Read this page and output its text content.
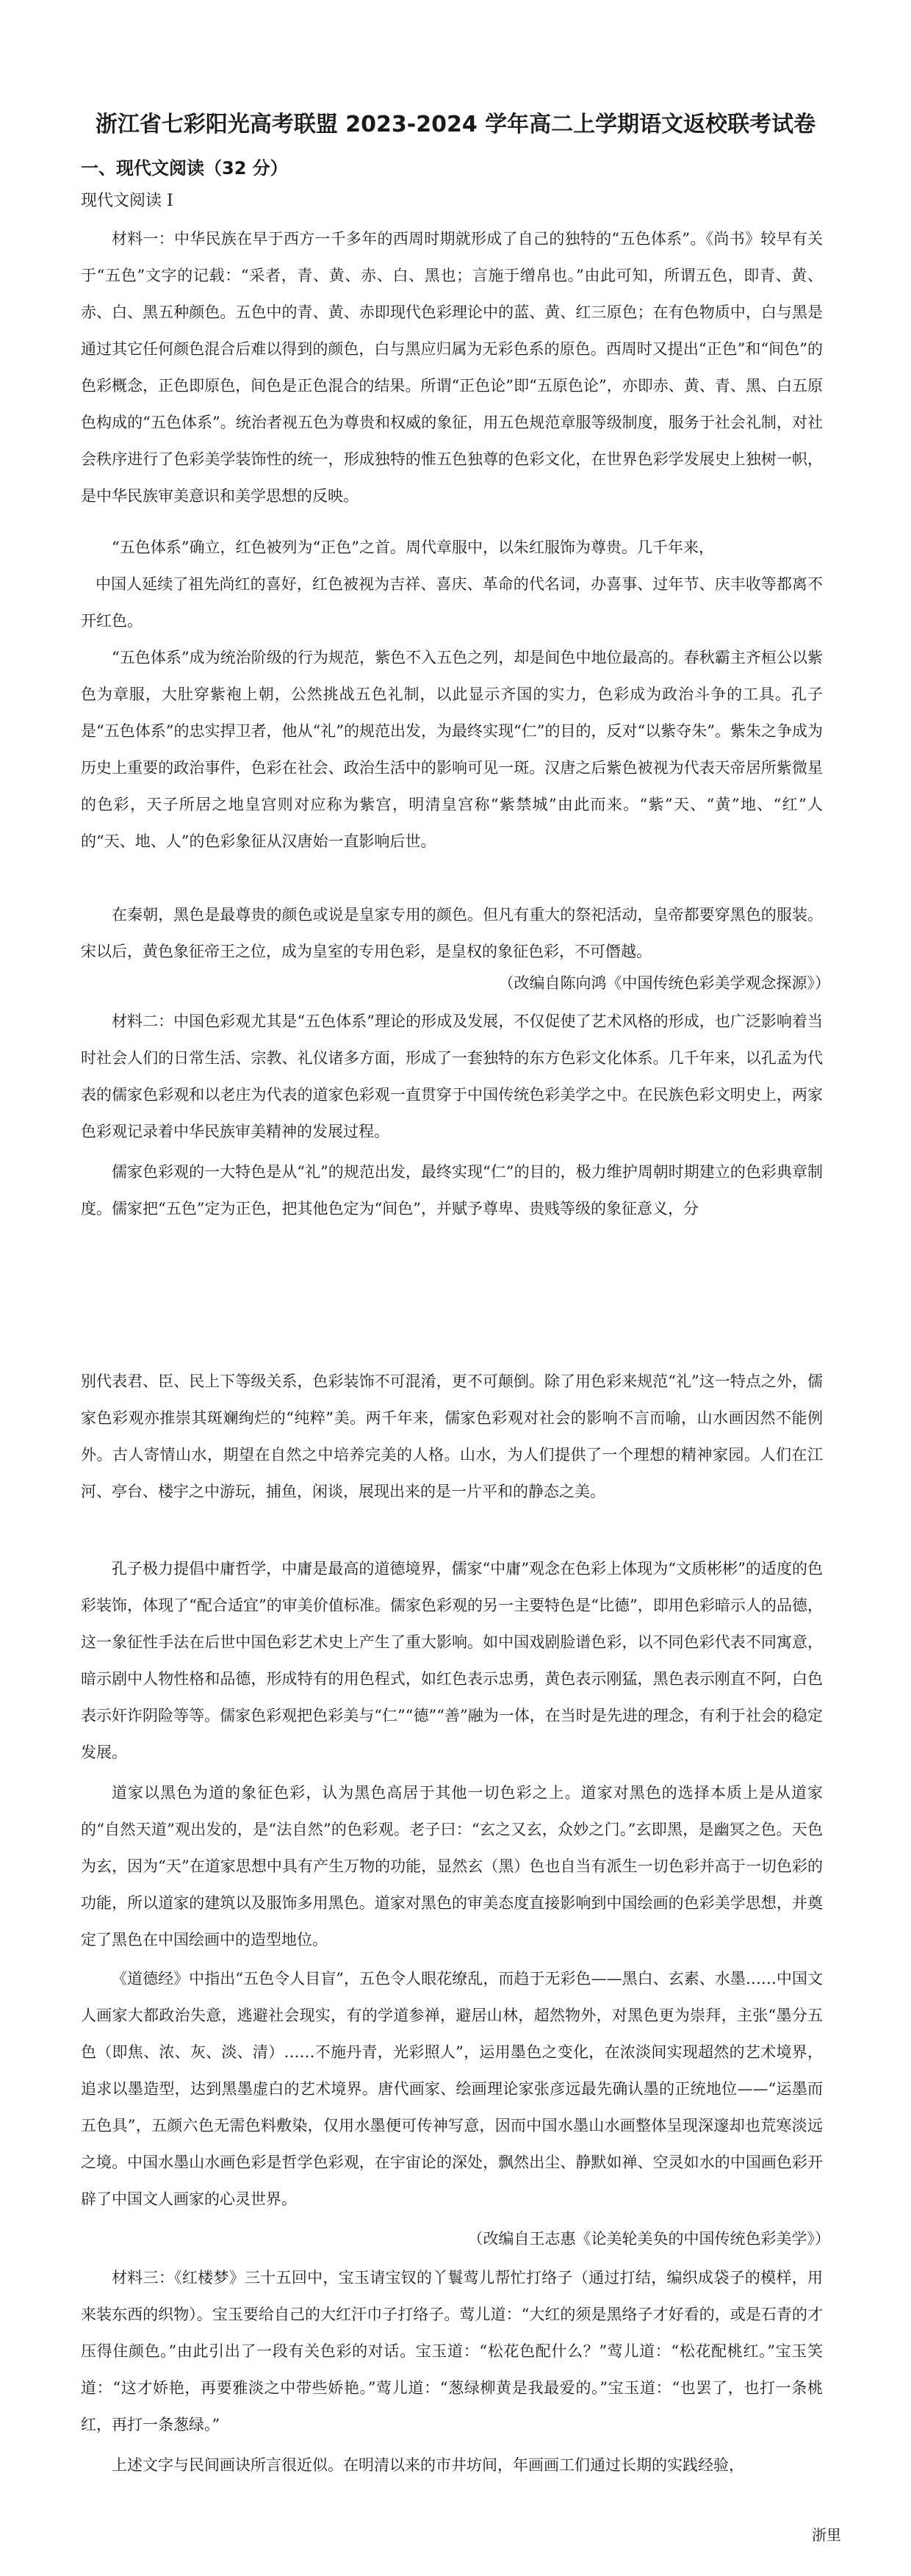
浙江省七彩阳光高考联盟 2023-2024 学年高二上学期语文返校联考试卷
一、现代文阅读（32 分）
现代文阅读 I
材料一：中华民族在早于西方一千多年的西周时期就形成了自己的独特的“五色体系”。《尚书》较早有关于“五色”文字的记载：“采者，青、黄、赤、白、黑也；言施于缯帛也。”由此可知，所谓五色，即青、黄、赤、白、黑五种颜色。五色中的青、黄、赤即现代色彩理论中的蓝、黄、红三原色；在有色物质中，白与黑是通过其它任何颜色混合后难以得到的颜色，白与黑应归属为无彩色系的原色。西周时又提出“正色”和“间色”的色彩概念，正色即原色，间色是正色混合的结果。所谓“正色论”即“五原色论”，亦即赤、黄、青、黑、白五原色构成的“五色体系”。统治者视五色为尊贵和权威的象征，用五色规范章服等级制度，服务于社会礼制，对社会秩序进行了色彩美学装饰性的统一，形成独特的惟五色独尊的色彩文化，在世界色彩学发展史上独树一帜，是中华民族审美意识和美学思想的反映。
“五色体系”确立，红色被列为“正色”之首。周代章服中，以朱红服饰为尊贵。几千年来，
中国人延续了祖先尚红的喜好，红色被视为吉祥、喜庆、革命的代名词，办喜事、过年节、庆丰收等都离不开红色。
“五色体系”成为统治阶级的行为规范，紫色不入五色之列，却是间色中地位最高的。春秋霸主齐桓公以紫色为章服，大肚穿紫袍上朝，公然挑战五色礼制，以此显示齐国的实力，色彩成为政治斗争的工具。孔子是“五色体系”的忠实捍卫者，他从“礼”的规范出发，为最终实现“仁”的目的，反对“以紫夺朱”。紫朱之争成为历史上重要的政治事件，色彩在社会、政治生活中的影响可见一斑。汉唐之后紫色被视为代表天帝居所紫微星的色彩，天子所居之地皇宫则对应称为紫宫，明清皇宫称“紫禁城”由此而来。“紫”天、“黄”地、“红”人的“天、地、人”的色彩象征从汉唐始一直影响后世。
在秦朝，黑色是最尊贵的颜色或说是皇家专用的颜色。但凡有重大的祭祀活动，皇帝都要穿黑色的服装。宋以后，黄色象征帝王之位，成为皇室的专用色彩，是皇权的象征色彩，不可僭越。
（改编自陈向鸿《中国传统色彩美学观念探源》）
材料二：中国色彩观尤其是“五色体系”理论的形成及发展，不仅促使了艺术风格的形成，也广泛影响着当时社会人们的日常生活、宗教、礼仪诸多方面，形成了一套独特的东方色彩文化体系。几千年来，以孔孟为代表的儒家色彩观和以老庄为代表的道家色彩观一直贯穿于中国传统色彩美学之中。在民族色彩文明史上，两家色彩观记录着中华民族审美精神的发展过程。
儒家色彩观的一大特色是从“礼”的规范出发，最终实现“仁”的目的，极力维护周朝时期建立的色彩典章制度。儒家把“五色”定为正色，把其他色定为“间色”，并赋予尊卑、贵贱等级的象征意义，分
别代表君、臣、民上下等级关系，色彩装饰不可混淆，更不可颠倒。除了用色彩来规范“礼”这一特点之外，儒家色彩观亦推崇其斑斓绚烂的“纯粹”美。两千年来，儒家色彩观对社会的影响不言而喻，山水画因然不能例外。古人寄情山水，期望在自然之中培养完美的人格。山水，为人们提供了一个理想的精神家园。人们在江河、亭台、楼宇之中游玩，捕鱼，闲谈，展现出来的是一片平和的静态之美。
孔子极力提倡中庸哲学，中庸是最高的道德境界，儒家“中庸”观念在色彩上体现为“文质彬彬”的适度的色彩装饰，体现了“配合适宜”的审美价值标准。儒家色彩观的另一主要特色是“比德”，即用色彩暗示人的品德，这一象征性手法在后世中国色彩艺术史上产生了重大影响。如中国戏剧脸谱色彩，以不同色彩代表不同寓意，暗示剧中人物性格和品德，形成特有的用色程式，如红色表示忠勇，黄色表示刚猛，黑色表示刚直不阿，白色表示奸诈阴险等等。儒家色彩观把色彩美与“仁”“德”“善”融为一体，在当时是先进的理念，有利于社会的稳定发展。
道家以黑色为道的象征色彩，认为黑色高居于其他一切色彩之上。道家对黑色的选择本质上是从道家的“自然天道”观出发的，是“法自然”的色彩观。老子曰：“玄之又玄，众妙之门。”玄即黑，是幽冥之色。天色为玄，因为“天”在道家思想中具有产生万物的功能，显然玄（黑）色也自当有派生一切色彩并高于一切色彩的功能，所以道家的建筑以及服饰多用黑色。道家对黑色的审美态度直接影响到中国绘画的色彩美学思想，并奠定了黑色在中国绘画中的造型地位。
《道德经》中指出“五色令人目盲”，五色令人眼花缭乱，而趋于无彩色——黑白、玄素、水墨……中国文人画家大都政治失意，逃避社会现实，有的学道参禅，避居山林，超然物外，对黑色更为崇拜，主张“墨分五色（即焦、浓、灰、淡、清）……不施丹青，光彩照人”，运用墨色之变化，在浓淡间实现超然的艺术境界，追求以墨造型，达到黑墨虚白的艺术境界。唐代画家、绘画理论家张彦远最先确认墨的正统地位——“运墨而五色具”，五颜六色无需色料敷染，仅用水墨便可传神写意，因而中国水墨山水画整体呈现深邃却也荒寒淡远之境。中国水墨山水画色彩是哲学色彩观，在宇宙论的深处，飘然出尘、静默如禅、空灵如水的中国画色彩开辟了中国文人画家的心灵世界。
（改编自王志惠《论美轮美奂的中国传统色彩美学》）
材料三：《红楼梦》三十五回中，宝玉请宝钗的丫鬟莺儿帮忙打络子（通过打结，编织成袋子的模样，用来装东西的织物）。宝玉要给自己的大红汗巾子打络子。莺儿道：“大红的须是黑络子才好看的，或是石青的才压得住颜色。”由此引出了一段有关色彩的对话。宝玉道：“松花色配什么？”莺儿道：“松花配桃红。”宝玉笑道：“这才娇艳，再要雅淡之中带些娇艳。”莺儿道：“葱绿柳黄是我最爱的。”宝玉道：“也罢了，也打一条桃红，再打一条葱绿。”
上述文字与民间画诀所言很近似。在明清以来的市井坊间，年画画工们通过长期的实践经验，
浙里
